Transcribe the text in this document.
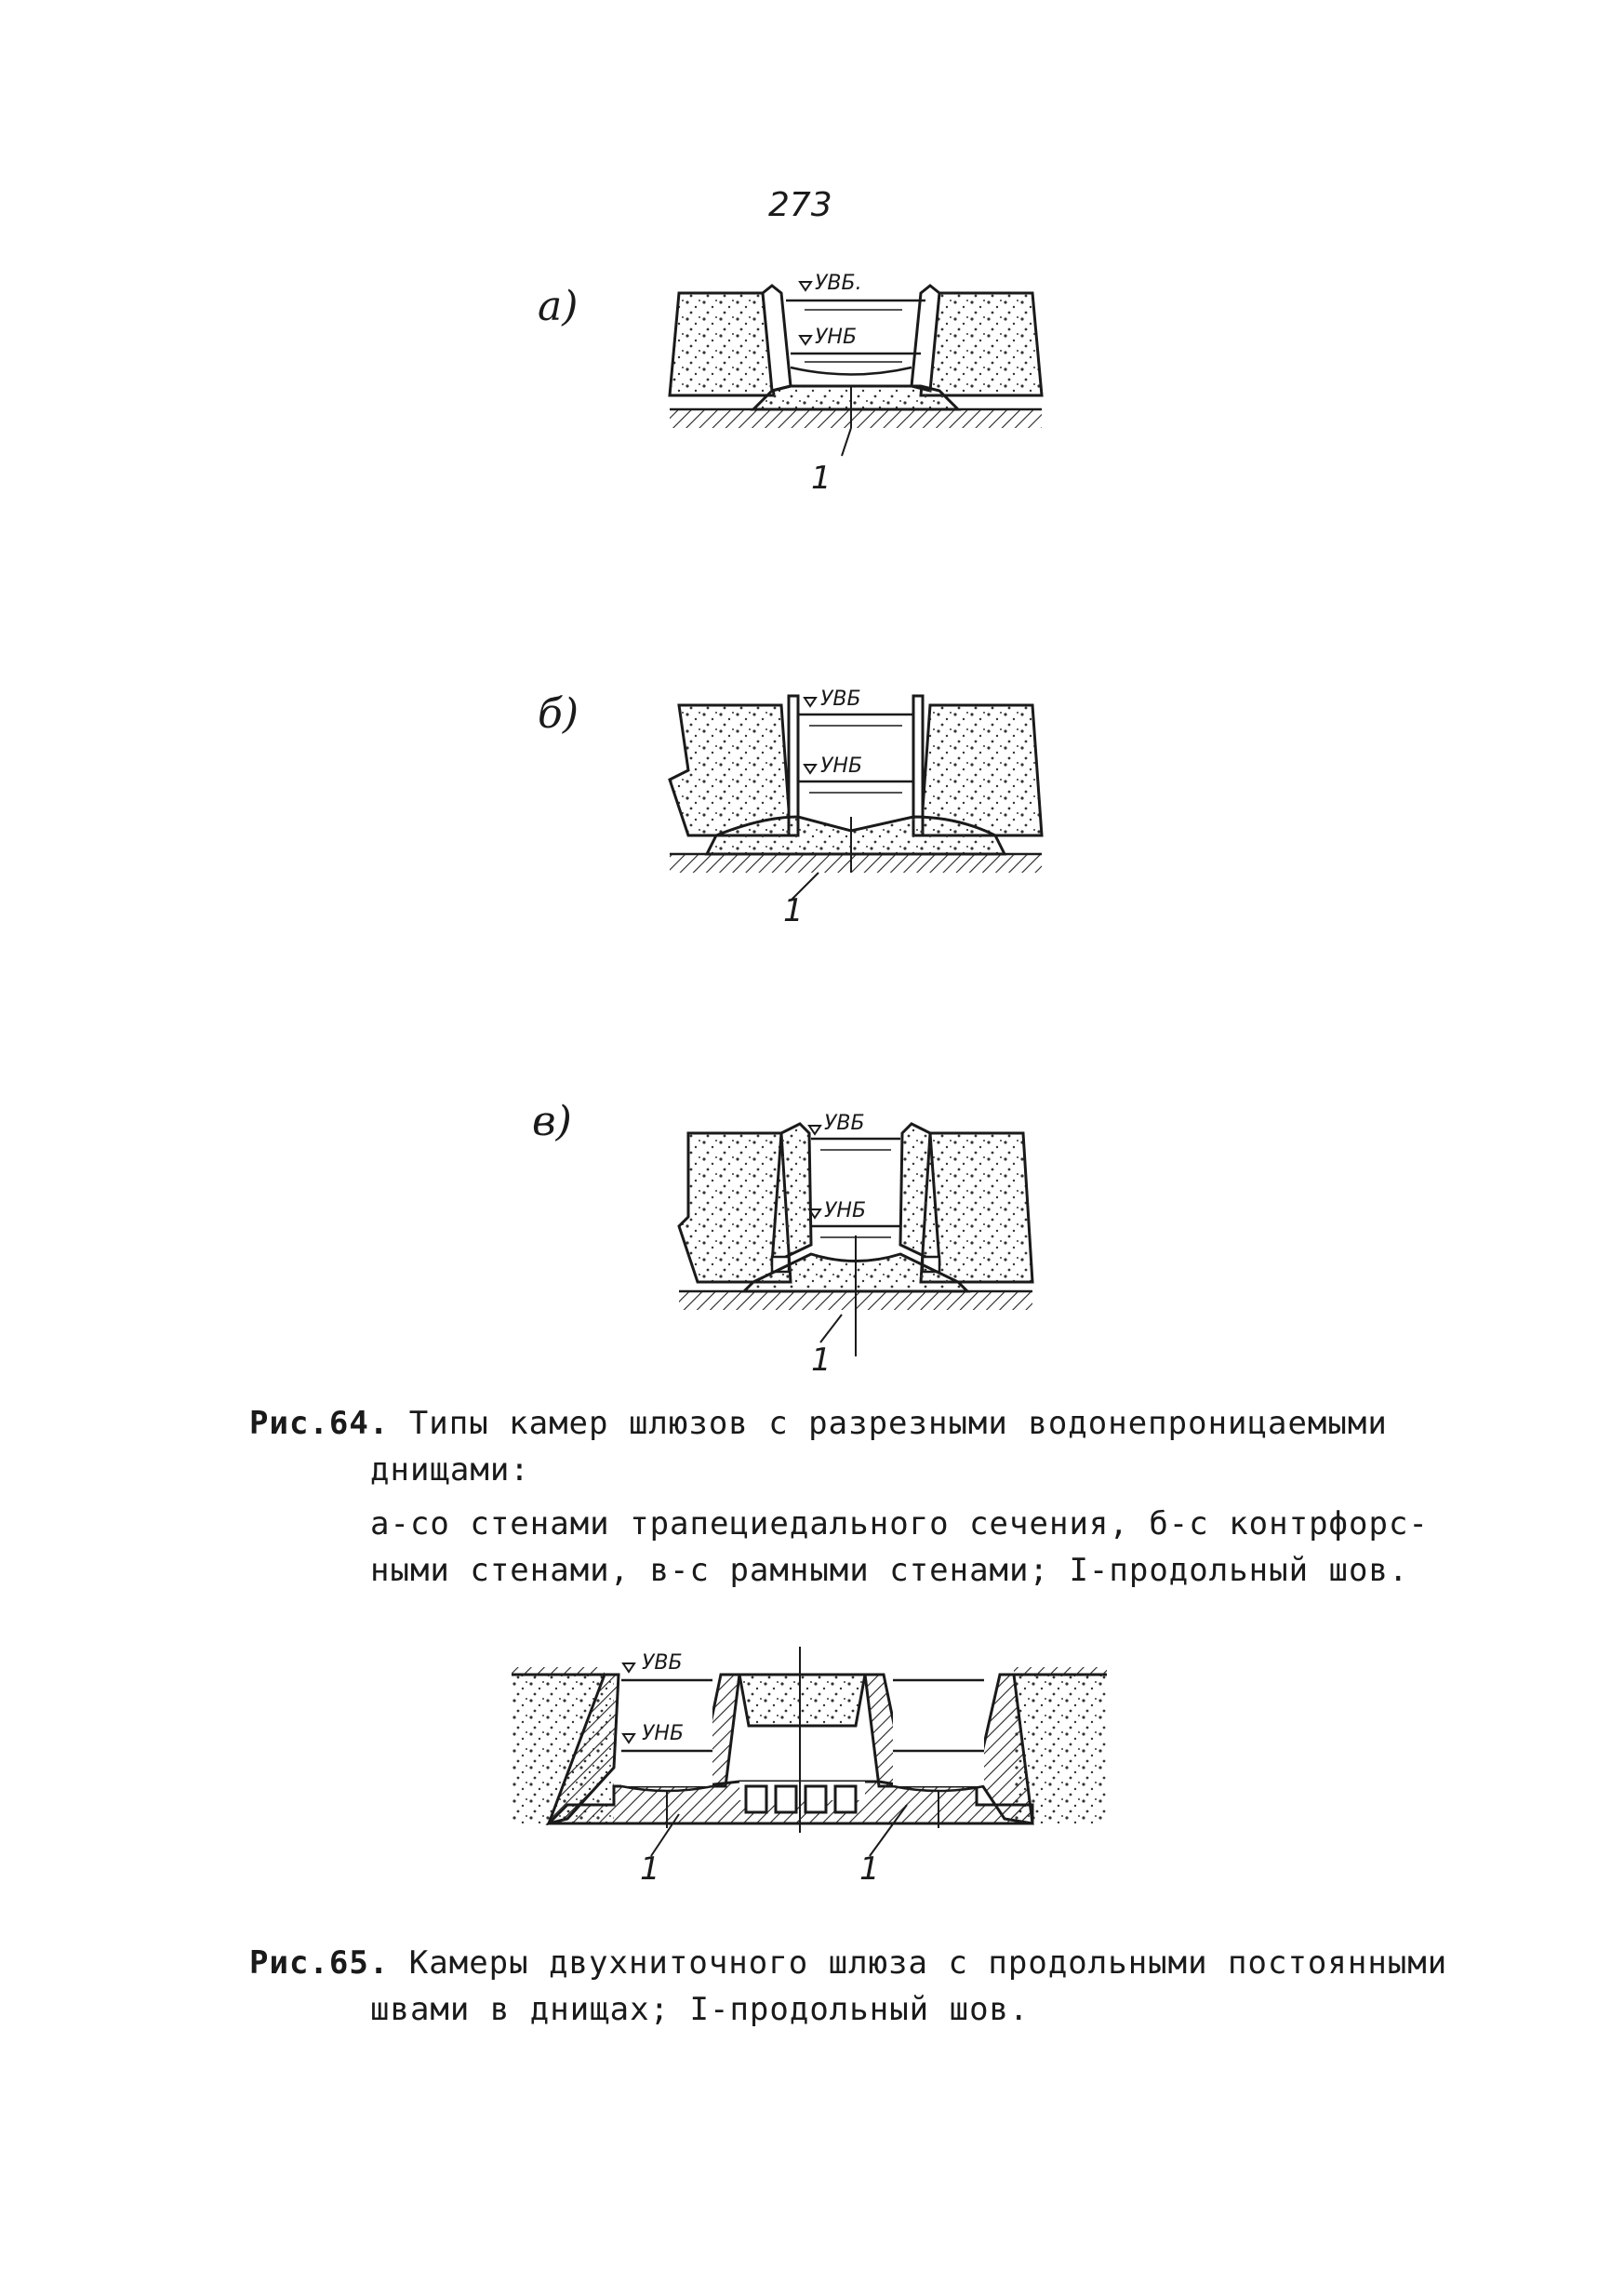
273
а)	УВБ.
УНБ
1
б)	УВБ
УНБ
1
в)	УВБ
УНБ
1
Рис.64. Типы камер шлюзов с разрезными водонепроницаемыми
днищами:
а-со стенами трапециедального сечения, б-с контрфорс-
ными стенами, в-с рамными стенами; I-продольный шов.
УВБ
УНБ
1	1
Рис.65. Камеры двухниточного шлюза с продольными постоянными
швами в днищах; I-продольный шов.
